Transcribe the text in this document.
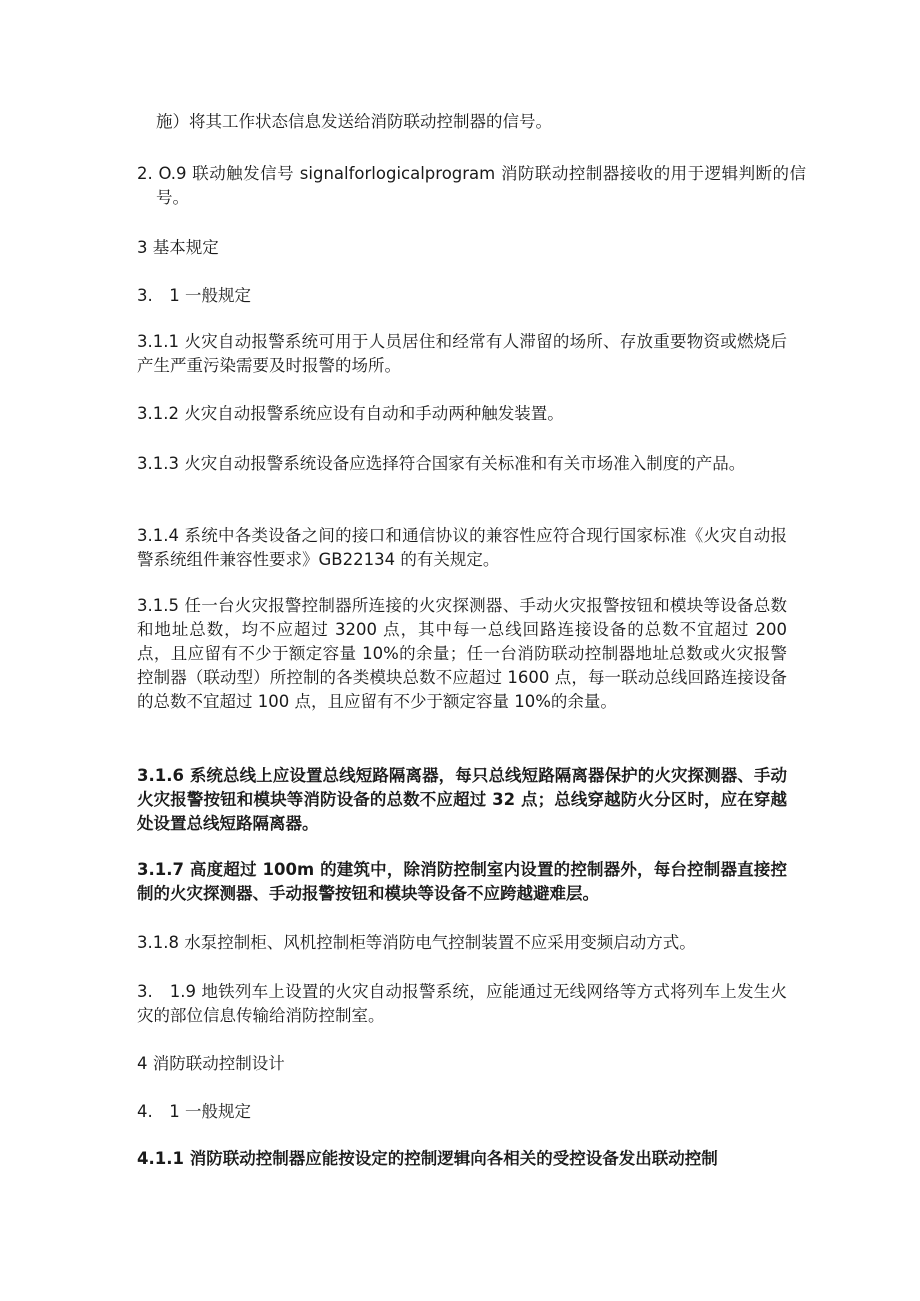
施）将其工作状态信息发送给消防联动控制器的信号。

2. O.9 联动触发信号 signalforlogicalprogram 消防联动控制器接收的用于逻辑判断的信号。

3 基本规定

3.　1 一般规定

3.1.1 火灾自动报警系统可用于人员居住和经常有人滞留的场所、存放重要物资或燃烧后产生严重污染需要及时报警的场所。

3.1.2 火灾自动报警系统应设有自动和手动两种触发装置。

3.1.3 火灾自动报警系统设备应选择符合国家有关标准和有关市场准入制度的产品。

3.1.4 系统中各类设备之间的接口和通信协议的兼容性应符合现行国家标准《火灾自动报警系统组件兼容性要求》GB22134 的有关规定。

3.1.5 任一台火灾报警控制器所连接的火灾探测器、手动火灾报警按钮和模块等设备总数和地址总数，均不应超过 3200 点，其中每一总线回路连接设备的总数不宜超过 200 点，且应留有不少于额定容量 10%的余量；任一台消防联动控制器地址总数或火灾报警控制器（联动型）所控制的各类模块总数不应超过 1600 点，每一联动总线回路连接设备的总数不宜超过 100 点，且应留有不少于额定容量 10%的余量。

3.1.6 系统总线上应设置总线短路隔离器，每只总线短路隔离器保护的火灾探测器、手动火灾报警按钮和模块等消防设备的总数不应超过 32 点；总线穿越防火分区时，应在穿越处设置总线短路隔离器。

3.1.7 高度超过 100m 的建筑中，除消防控制室内设置的控制器外，每台控制器直接控制的火灾探测器、手动报警按钮和模块等设备不应跨越避难层。

3.1.8 水泵控制柜、风机控制柜等消防电气控制装置不应采用变频启动方式。

3.　1.9 地铁列车上设置的火灾自动报警系统，应能通过无线网络等方式将列车上发生火灾的部位信息传输给消防控制室。

4 消防联动控制设计

4.　1 一般规定

4.1.1 消防联动控制器应能按设定的控制逻辑向各相关的受控设备发出联动控制
